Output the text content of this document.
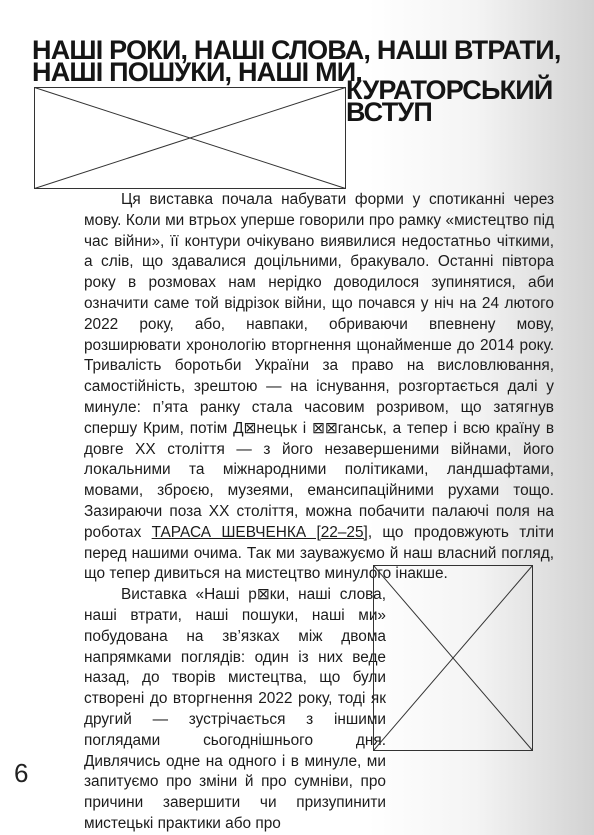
НАШІ РОКИ, НАШІ СЛОВА, НАШІ ВТРАТИ,
НАШІ ПОШУКИ, НАШІ МИ.
КУРАТОРСЬКИЙ
ВСТУП

Ця виставка почала набувати форми у спотиканні через мову. Коли ми втрьох уперше говорили про рамку «мистецтво під час війни», її контури очікувано виявилися недостатньо чіткими, а слів, що здавалися доцільними, бракувало. Останні півтора року в розмовах нам нерідко доводилося зупинятися, аби означити саме той відрізок війни, що почався у ніч на 24 лютого 2022 року, або, навпаки, обриваючи впевнену мову, розширювати хронологію вторгнення щонайменше до 2014 року. Тривалість боротьби України за право на висловлювання, самостійність, зрештою — на існування, розгортається далі у минуле: п’ята ранку стала часовим розривом, що затягнув спершу Крим, потім Д⊠нецьк і ⊠⊠ганськ, а тепер і всю країну в довге ХХ століття — з його незавершеними війнами, його локальними та міжнародними політиками, ландшафтами, мовами, зброєю, музеями, емансипаційними рухами тощо. Зазираючи поза ХХ століття, можна побачити палаючі поля на роботах ТАРАСА ШЕВЧЕНКА [22–25], що продовжують тліти перед нашими очима. Так ми зауважуємо й наш власний погляд, що тепер дивиться на мистецтво минулого інакше.

Виставка «Наші р⊠ки, наші слова, наші втрати, наші пошуки, наші ми» побудована на зв’язках між двома напрямками поглядів: один із них веде назад, до творів мистецтва, що були створені до вторгнення 2022 року, тоді як другий — зустрічається з іншими поглядами сьогоднішнього дня. Дивлячись одне на одного і в минуле, ми запитуємо про зміни й про сумніви, про причини завершити чи призупинити мистецькі практики або про

6
